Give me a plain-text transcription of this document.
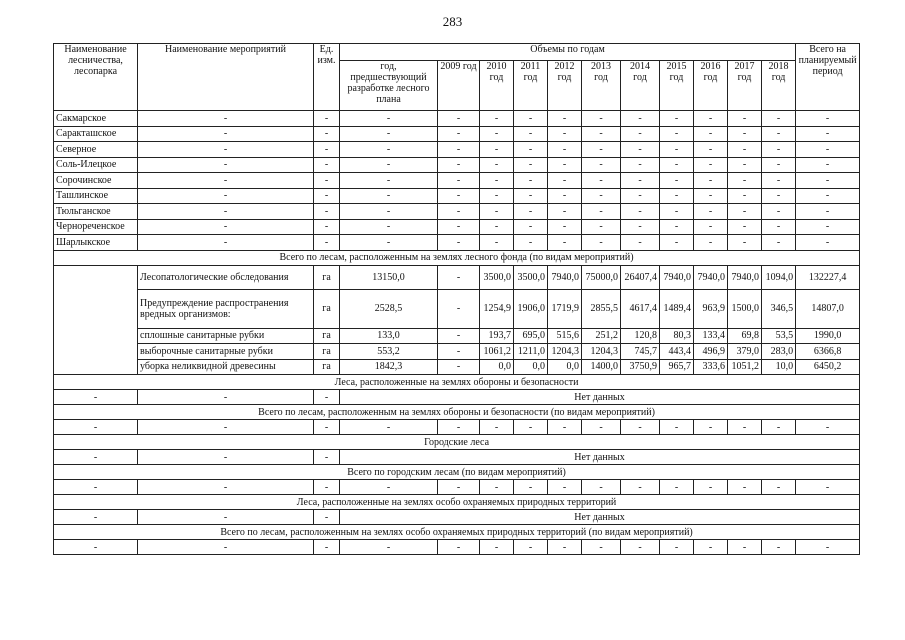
283
Наименование лесничества, лесопарка	Наименование мероприятий	Ед. изм.	Объемы по годам											Всего на планируемый период
			год, предшествующий разработке лесного плана	2009 год	2010 год	2011 год	2012 год	2013 год	2014 год	2015 год	2016 год	2017 год	2018 год	
Сакмарское	-	-	-	-	-	-	-	-	-	-	-	-	-	-
Саракташское	-	-	-	-	-	-	-	-	-	-	-	-	-	-
Северное	-	-	-	-	-	-	-	-	-	-	-	-	-	-
Соль-Илецкое	-	-	-	-	-	-	-	-	-	-	-	-	-	-
Сорочинское	-	-	-	-	-	-	-	-	-	-	-	-	-	-
Ташлинское	-	-	-	-	-	-	-	-	-	-	-	-	-	-
Тюльганское	-	-	-	-	-	-	-	-	-	-	-	-	-	-
Чернореченское	-	-	-	-	-	-	-	-	-	-	-	-	-	-
Шарлыкское	-	-	-	-	-	-	-	-	-	-	-	-	-	-
Всего по лесам, расположенным на землях лесного фонда (по видам мероприятий)														
	Лесопатологические обследования	га	13150,0	-	3500,0	3500,0	7940,0	75000,0	26407,4	7940,0	7940,0	7940,0	1094,0	132227,4
	Предупреждение распространения вредных организмов:	га	2528,5	-	1254,9	1906,0	1719,9	2855,5	4617,4	1489,4	963,9	1500,0	346,5	14807,0
	сплошные санитарные рубки	га	133,0	-	193,7	695,0	515,6	251,2	120,8	80,3	133,4	69,8	53,5	1990,0
	выборочные санитарные рубки	га	553,2	-	1061,2	1211,0	1204,3	1204,3	745,7	443,4	496,9	379,0	283,0	6366,8
	уборка неликвидной древесины	га	1842,3	-	0,0	0,0	0,0	1400,0	3750,9	965,7	333,6	1051,2	10,0	6450,2
Леса, расположенные на землях обороны и безопасности														
-	-	-	Нет данных											
Всего по лесам, расположенным на землях обороны и безопасности (по видам мероприятий)														
-	-	-	-	-	-	-	-	-	-	-	-	-	-	-
Городские леса														
-	-	-	Нет данных											
Всего по городским лесам (по видам мероприятий)														
-	-	-	-	-	-	-	-	-	-	-	-	-	-	-
Леса, расположенные на землях особо охраняемых природных территорий														
-	-	-	Нет данных											
Всего по лесам, расположенным на землях особо охраняемых природных территорий (по видам мероприятий)														
-	-	-	-	-	-	-	-	-	-	-	-	-	-	-
